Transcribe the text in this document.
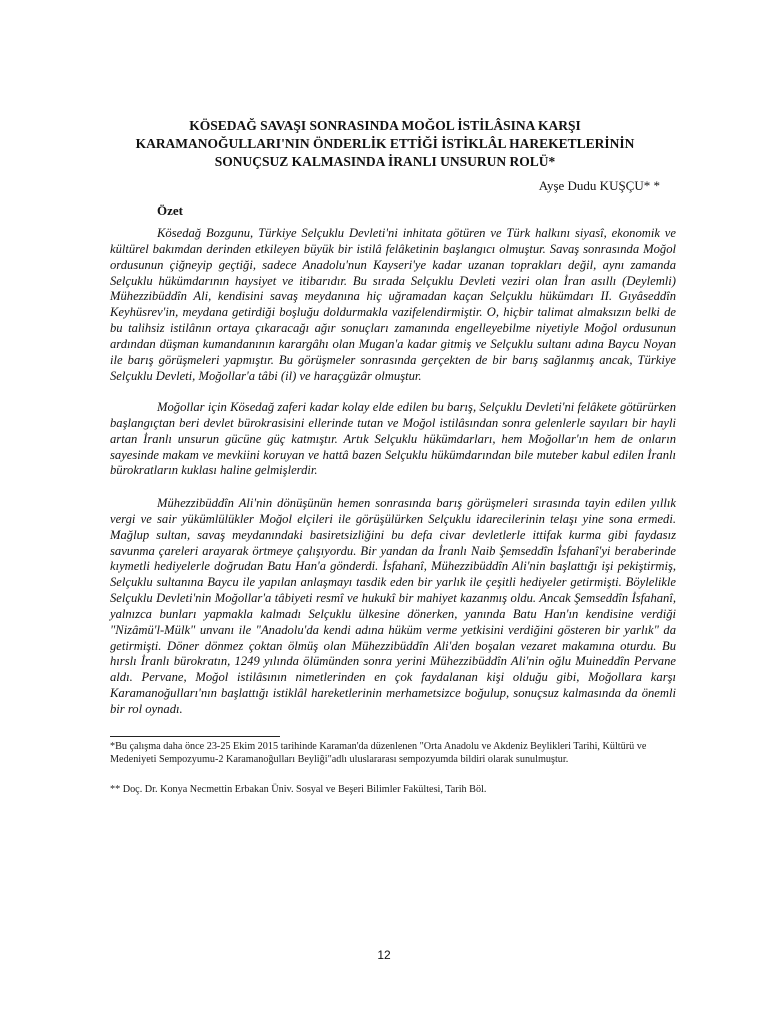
KÖSEDAĞ SAVAŞI SONRASINDA MOĞOL İSTİLÂSINA KARŞI KARAMANOĞULLARI'NIN ÖNDERLİK ETTİĞİ İSTİKLÂL HAREKETLERİNİN SONUÇSUZ KALMASINDA İRANLI UNSURUN ROLÜ*

Ayşe Dudu KUŞÇU* *

Özet

Kösedağ Bozgunu, Türkiye Selçuklu Devleti'ni inhitata götüren ve Türk halkını siyasî, ekonomik ve kültürel bakımdan derinden etkileyen büyük bir istilâ felâketinin başlangıcı olmuştur. Savaş sonrasında Moğol ordusunun çiğneyip geçtiği, sadece Anadolu'nun Kayseri'ye kadar uzanan toprakları değil, aynı zamanda Selçuklu hükümdarının haysiyet ve itibarıdır. Bu sırada Selçuklu Devleti veziri olan İran asıllı (Deylemli) Mühezzibüddîn Ali, kendisini savaş meydanına hiç uğramadan kaçan Selçuklu hükümdarı II. Gıyâseddîn Keyhüsrev'in, meydana getirdiği boşluğu doldurmakla vazifelendirmiştir. O, hiçbir talimat almaksızın belki de bu talihsiz istilânın ortaya çıkaracağı ağır sonuçları zamanında engelleyebilme niyetiyle Moğol ordusunun ardından düşman kumandanının karargâhı olan Mugan'a kadar gitmiş ve Selçuklu sultanı adına Baycu Noyan ile barış görüşmeleri yapmıştır. Bu görüşmeler sonrasında gerçekten de bir barış sağlanmış ancak, Türkiye Selçuklu Devleti, Moğollar'a tâbi (il) ve haraçgüzâr olmuştur.

Moğollar için Kösedağ zaferi kadar kolay elde edilen bu barış, Selçuklu Devleti'ni felâkete götürürken başlangıçtan beri devlet bürokrasisini ellerinde tutan ve Moğol istilâsından sonra gelenlerle sayıları bir hayli artan İranlı unsurun gücüne güç katmıştır. Artık Selçuklu hükümdarları, hem Moğollar'ın hem de onların sayesinde makam ve mevkiini koruyan ve hattâ bazen Selçuklu hükümdarından bile muteber kabul edilen İranlı bürokratların kuklası haline gelmişlerdir.

Mühezzibüddîn Ali'nin dönüşünün hemen sonrasında barış görüşmeleri sırasında tayin edilen yıllık vergi ve sair yükümlülükler Moğol elçileri ile görüşülürken Selçuklu idarecilerinin telaşı yine sona ermedi. Mağlup sultan, savaş meydanındaki basiretsizliğini bu defa civar devletlerle ittifak kurma gibi faydasız savunma çareleri arayarak örtmeye çalışıyordu. Bir yandan da İranlı Naib Şemseddîn İsfahanî'yi beraberinde kıymetli hediyelerle doğrudan Batu Han'a gönderdi. İsfahanî, Mühezzibüddîn Ali'nin başlattığı işi pekiştirmiş, Selçuklu sultanına Baycu ile yapılan anlaşmayı tasdik eden bir yarlık ile çeşitli hediyeler getirmişti. Böylelikle Selçuklu Devleti'nin Moğollar'a tâbiyeti resmî ve hukukî bir mahiyet kazanmış oldu. Ancak Şemseddîn İsfahanî, yalnızca bunları yapmakla kalmadı Selçuklu ülkesine dönerken, yanında Batu Han'ın kendisine verdiği "Nizâmü'l-Mülk" unvanı ile "Anadolu'da kendi adına hüküm verme yetkisini verdiğini gösteren bir yarlık" da getirmişti. Döner dönmez çoktan ölmüş olan Mühezzibüddîn Ali'den boşalan vezaret makamına oturdu. Bu hırslı İranlı bürokratın, 1249 yılında ölümünden sonra yerini Mühezzibüddîn Ali'nin oğlu Muineddîn Pervane aldı. Pervane, Moğol istilâsının nimetlerinden en çok faydalanan kişi olduğu gibi, Moğollara karşı Karamanoğulları'nın başlattığı istiklâl hareketlerinin merhametsizce boğulup, sonuçsuz kalmasında da önemli bir rol oynadı.

*Bu çalışma daha önce 23-25 Ekim 2015 tarihinde Karaman'da düzenlenen "Orta Anadolu ve Akdeniz Beylikleri Tarihi, Kültürü ve Medeniyeti Sempozyumu-2 Karamanoğulları Beyliği"adlı uluslararası sempozyumda bildiri olarak sunulmuştur.

** Doç. Dr. Konya Necmettin Erbakan Üniv. Sosyal ve Beşeri Bilimler Fakültesi, Tarih Böl.

12
